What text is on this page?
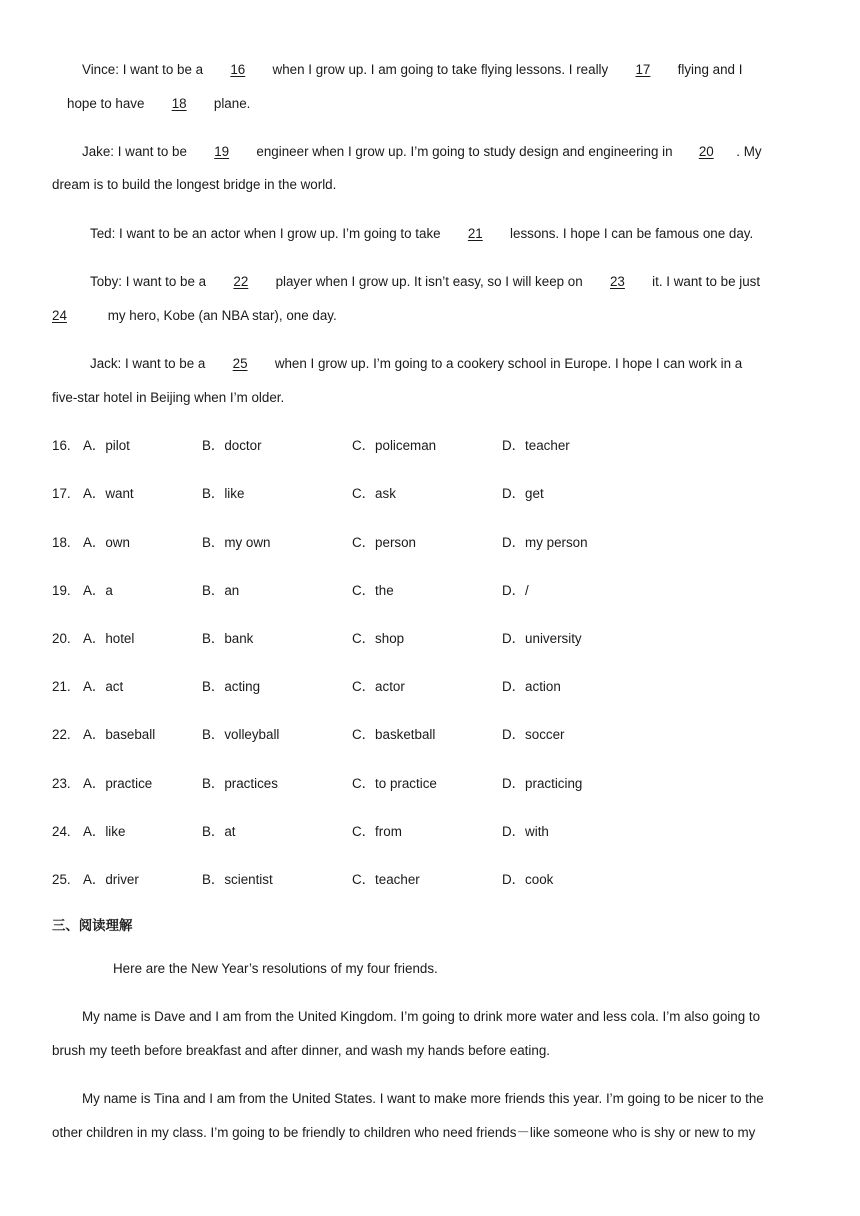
Vince: I want to be a 16 when I grow up. I am going to take flying lessons. I really 17 flying and I
hope to have 18 plane.
Jake: I want to be 19 engineer when I grow up. I’m going to study design and engineering in 20 . My
dream is to build the longest bridge in the world.
Ted: I want to be an actor when I grow up. I’m going to take 21 lessons. I hope I can be famous one day.
Toby: I want to be a 22 player when I grow up. It isn’t easy, so I will keep on 23 it. I want to be just
24	my hero, Kobe (an NBA star), one day.
Jack: I want to be a 25 when I grow up. I’m going to a cookery school in Europe. I hope I can work in a
five-star hotel in Beijing when I’m older.
16. A．pilot	B．doctor	C．policeman	D．teacher
17. A．want	B．like	C．ask	D．get
18. A．own	B．my own	C．person	D．my person
19. A．a	B．an	C．the	D．/
20. A．hotel	B．bank	C．shop	D．university
21. A．act	B．acting	C．actor	D．action
22. A．baseball	B．volleyball	C．basketball	D．soccer
23. A．practice	B．practices	C．to practice	D．practicing
24. A．like	B．at	C．from	D．with
25. A．driver	B．scientist	C．teacher	D．cook
三、阅读理解
Here are the New Year’s resolutions of my four friends.
My name is Dave and I am from the United Kingdom. I’m going to drink more water and less cola. I’m also going to
brush my teeth before breakfast and after dinner, and wash my hands before eating.
My name is Tina and I am from the United States. I want to make more friends this year. I’m going to be nicer to the
other children in my class. I’m going to be friendly to children who need friends－like someone who is shy or new to my
